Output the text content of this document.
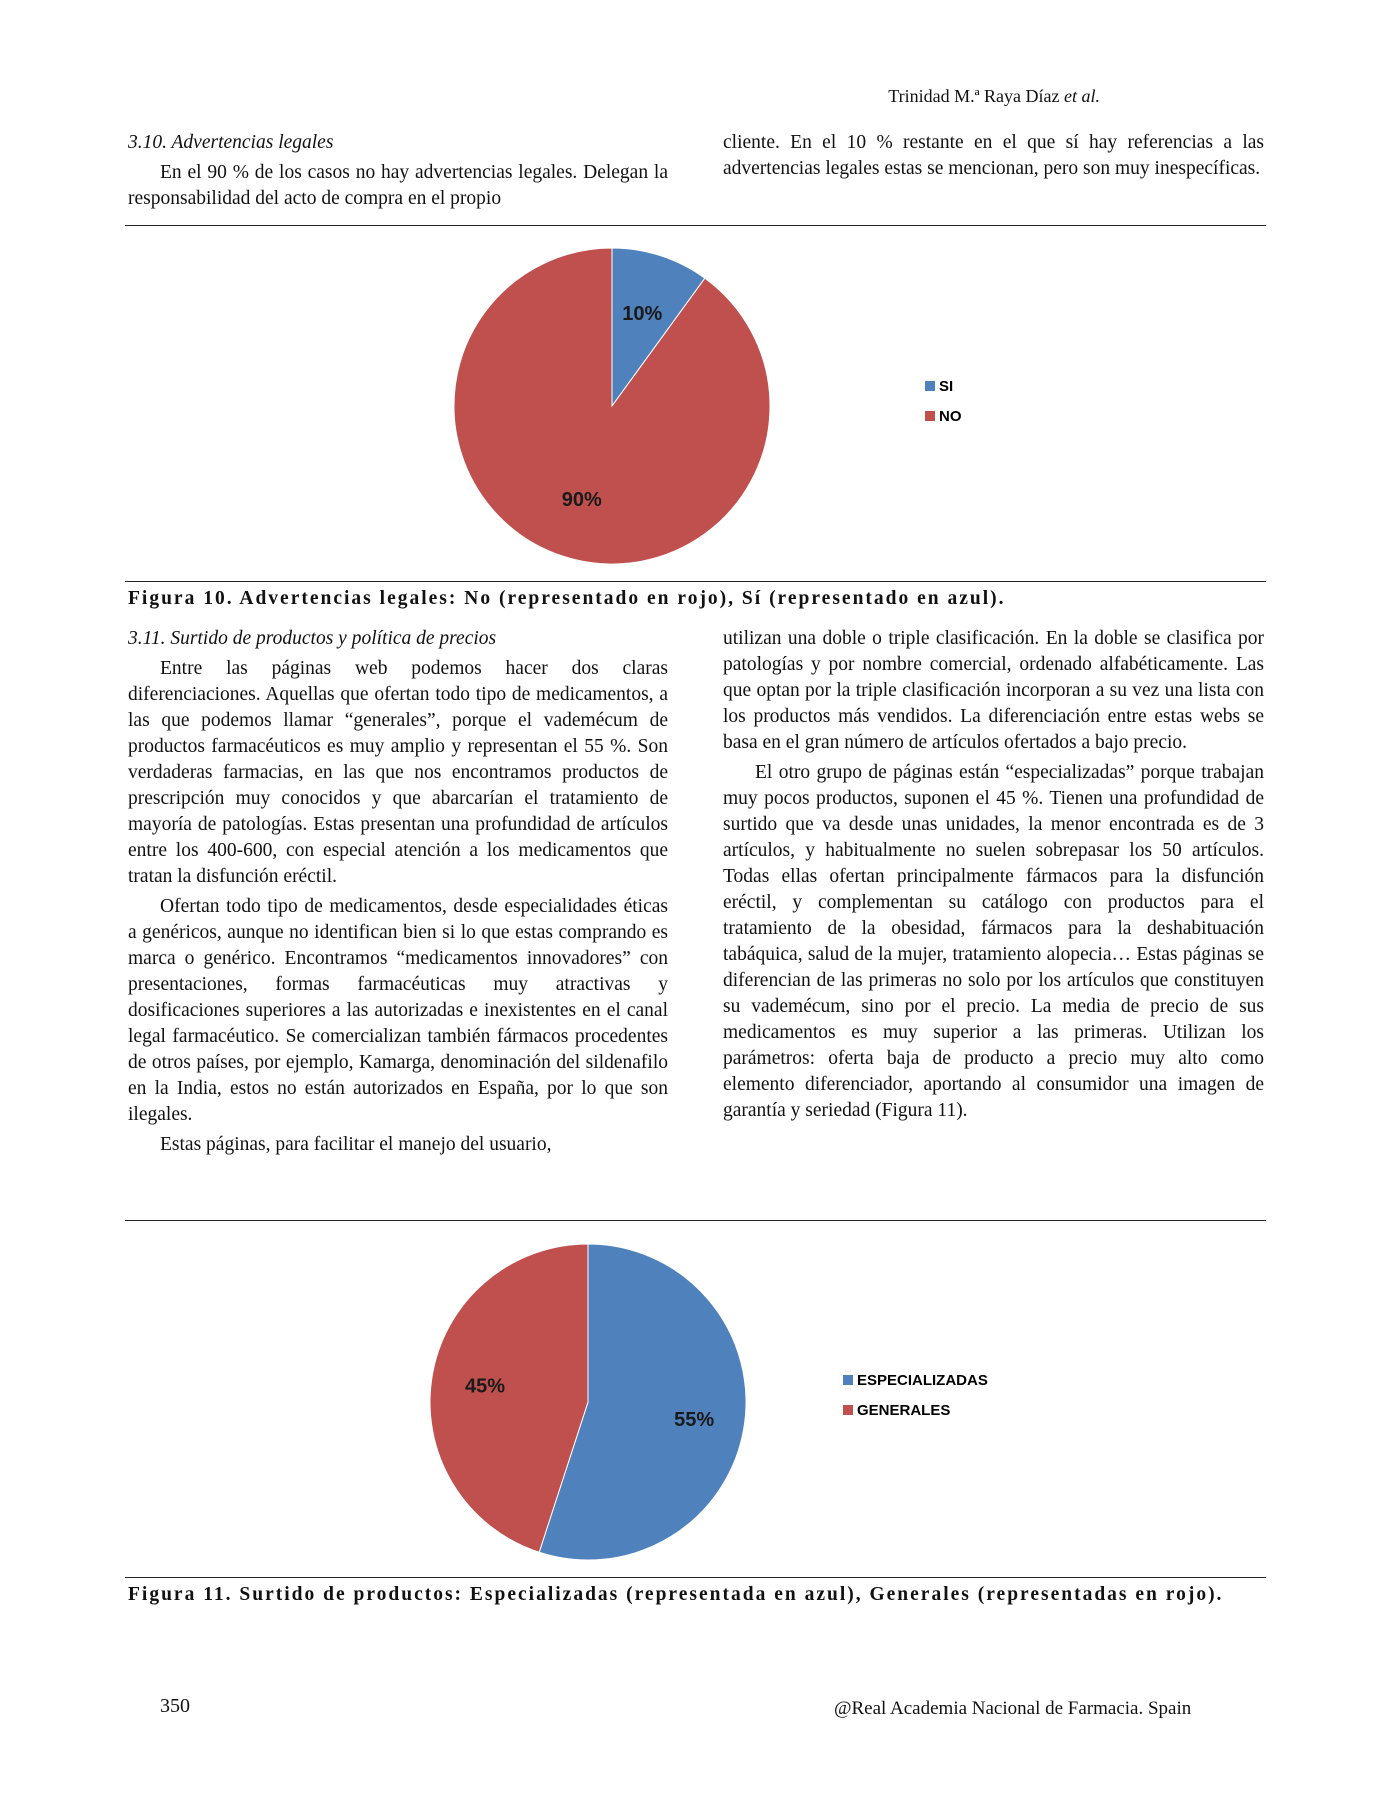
Trinidad M.ª Raya Díaz et al.

3.10. Advertencias legales

En el 90 % de los casos no hay advertencias legales. Delegan la responsabilidad del acto de compra en el propio

cliente. En el 10 % restante en el que sí hay referencias a las advertencias legales estas se mencionan, pero son muy inespecíficas.

10%
SI
90%
NO
Figura 10. Advertencias legales: No (representado en rojo), Sí (representado en azul).

3.11. Surtido de productos y política de precios

Entre las páginas web podemos hacer dos claras diferenciaciones. Aquellas que ofertan todo tipo de medicamentos, a las que podemos llamar “generales”, porque el vademécum de productos farmacéuticos es muy amplio y representan el 55 %. Son verdaderas farmacias, en las que nos encontramos productos de prescripción muy conocidos y que abarcarían el tratamiento de mayoría de patologías. Estas presentan una profundidad de artículos entre los 400-600, con especial atención a los medicamentos que tratan la disfunción eréctil.

Ofertan todo tipo de medicamentos, desde especialidades éticas a genéricos, aunque no identifican bien si lo que estas comprando es marca o genérico. Encontramos “medicamentos innovadores” con presentaciones, formas farmacéuticas muy atractivas y dosificaciones superiores a las autorizadas e inexistentes en el canal legal farmacéutico. Se comercializan también fármacos procedentes de otros países, por ejemplo, Kamarga, denominación del sildenafilo en la India, estos no están autorizados en España, por lo que son ilegales.

Estas páginas, para facilitar el manejo del usuario,

utilizan una doble o triple clasificación. En la doble se clasifica por patologías y por nombre comercial, ordenado alfabéticamente. Las que optan por la triple clasificación incorporan a su vez una lista con los productos más vendidos. La diferenciación entre estas webs se basa en el gran número de artículos ofertados a bajo precio.

El otro grupo de páginas están “especializadas” porque trabajan muy pocos productos, suponen el 45 %. Tienen una profundidad de surtido que va desde unas unidades, la menor encontrada es de 3 artículos, y habitualmente no suelen sobrepasar los 50 artículos. Todas ellas ofertan principalmente fármacos para la disfunción eréctil, y complementan su catálogo con productos para el tratamiento de la obesidad, fármacos para la deshabituación tabáquica, salud de la mujer, tratamiento alopecia… Estas páginas se diferencian de las primeras no solo por los artículos que constituyen su vademécum, sino por el precio. La media de precio de sus medicamentos es muy superior a las primeras. Utilizan los parámetros: oferta baja de producto a precio muy alto como elemento diferenciador, aportando al consumidor una imagen de garantía y seriedad (Figura 11).

55%
ESPECIALIZADAS
45%
GENERALES
Figura 11. Surtido de productos: Especializadas (representada en azul), Generales (representadas en rojo).
350	@Real Academia Nacional de Farmacia. Spain
